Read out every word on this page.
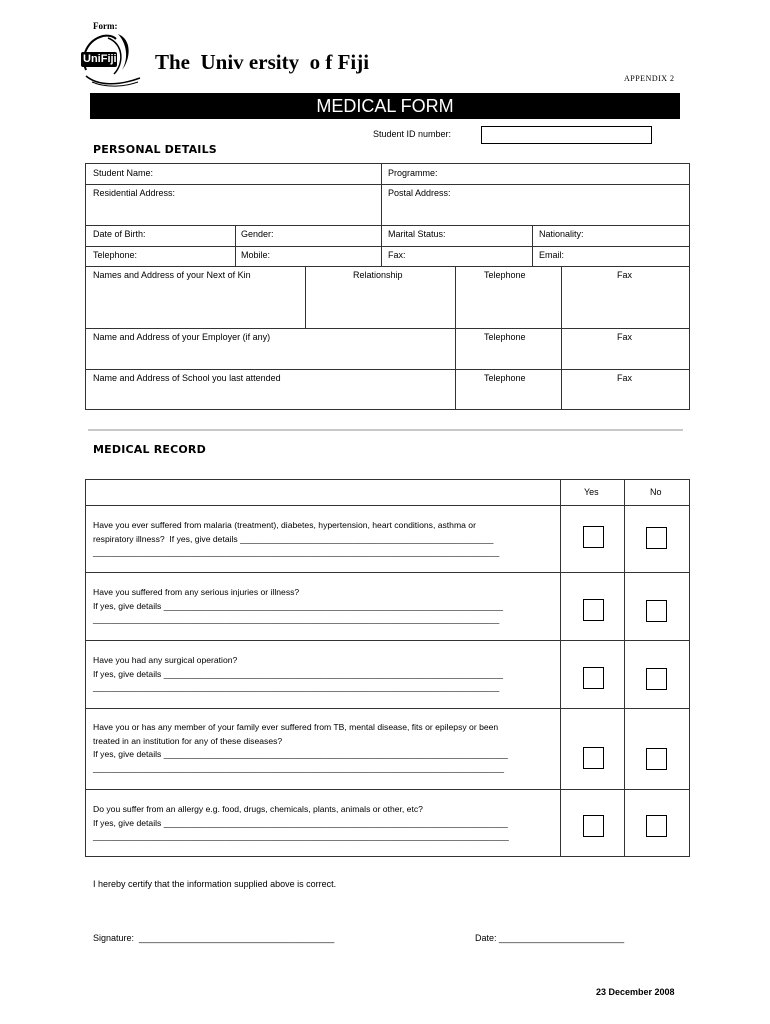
Form:
UniFiji The  Univ ersity  o f Fiji
APPENDIX 2
MEDICAL FORM
Student ID number:
PERSONAL DETAILS
Student Name:	Programme:
Residential Address:	Postal Address:
Date of Birth:	Gender:	Marital Status:	Nationality:
Telephone:	Mobile:	Fax:	Email:
Names and Address of your Next of Kin	Relationship	Telephone	Fax
Name and Address of your Employer (if any)	Telephone	Fax
Name and Address of School you last attended	Telephone	Fax
MEDICAL RECORD
Yes	No
Have you ever suffered from malaria (treatment), diabetes, hypertension, heart conditions, asthma or
respiratory illness?  If yes, give details _____________________________________________________
_____________________________________________________________________________________
Have you suffered from any serious injuries or illness?
If yes, give details _______________________________________________________________________
_____________________________________________________________________________________
Have you had any surgical operation?
If yes, give details _______________________________________________________________________
_____________________________________________________________________________________
Have you or has any member of your family ever suffered from TB, mental disease, fits or epilepsy or been
treated in an institution for any of these diseases?
If yes, give details ________________________________________________________________________
______________________________________________________________________________________
Do you suffer from an allergy e.g. food, drugs, chemicals, plants, animals or other, etc?
If yes, give details ________________________________________________________________________
_______________________________________________________________________________________
I hereby certify that the information supplied above is correct.
Signature:  _______________________________________	Date: _________________________
23 December 2008
